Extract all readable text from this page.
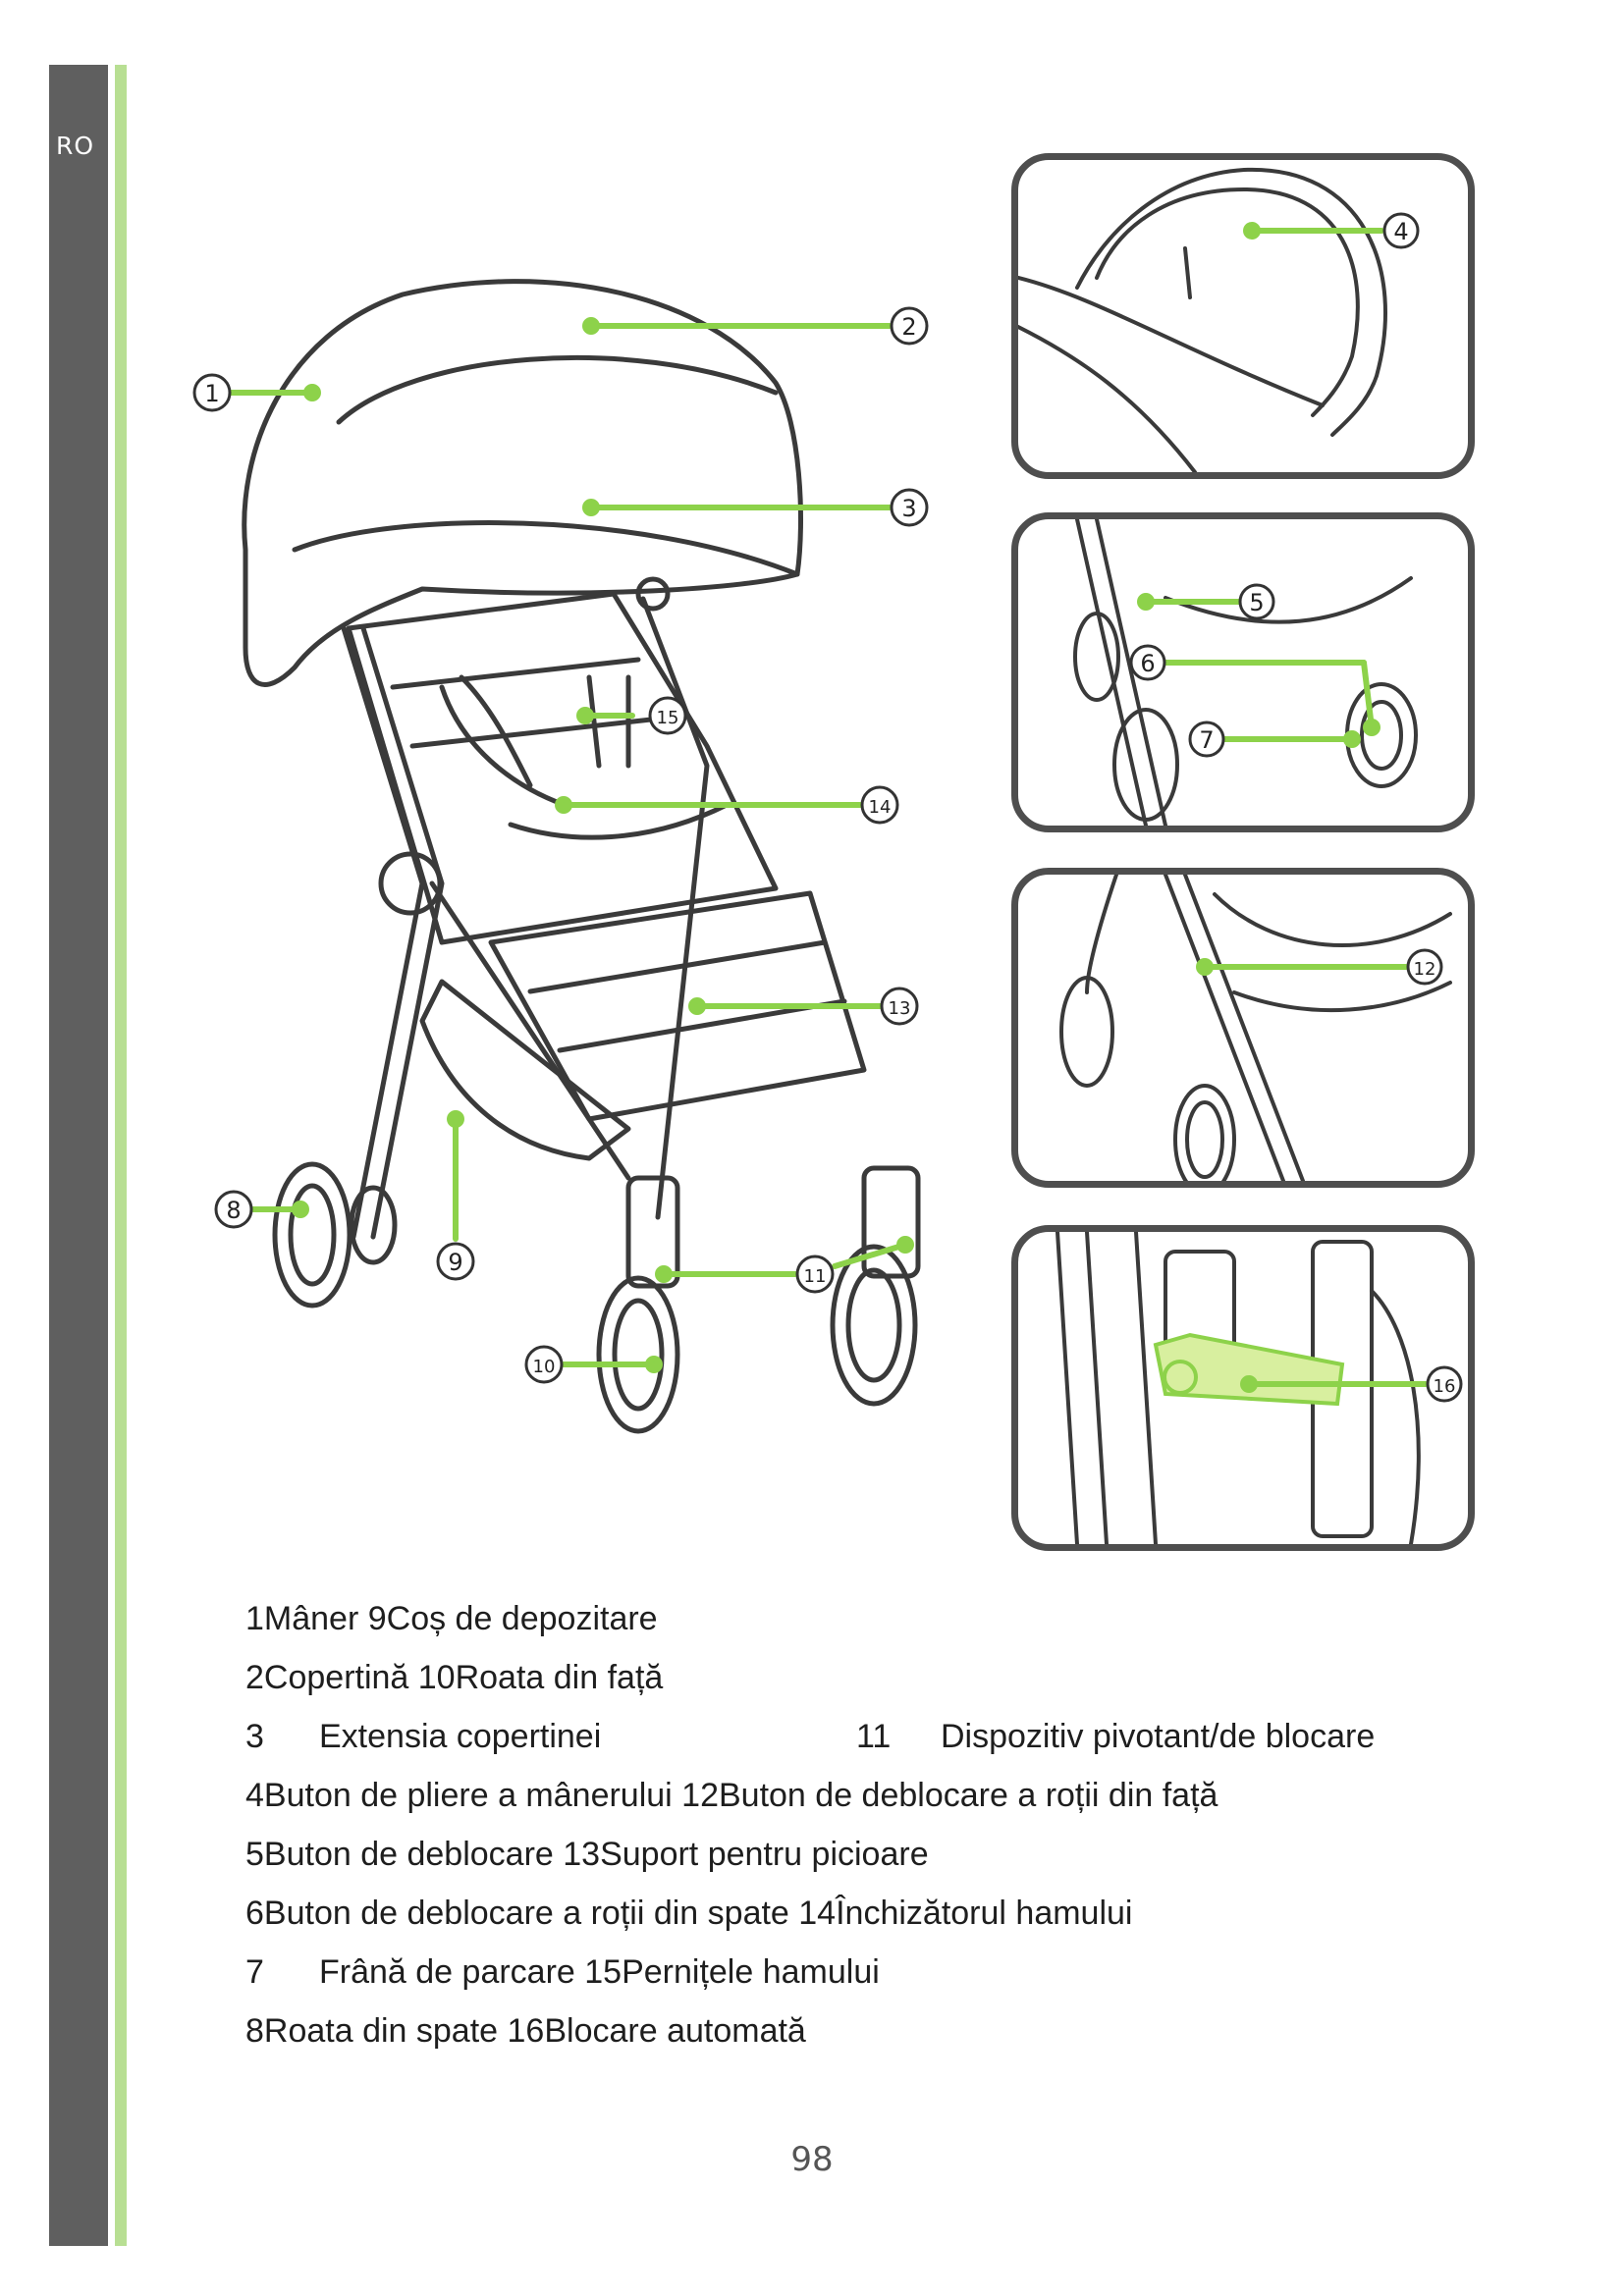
RO
1
2
3
15
14
13
9
8
10
11
4
5
6
7
12
16
1Mâner 9Coș de depozitare
2Copertină 10Roata din față
3 Extensia copertinei	11 Dispozitiv pivotant/de blocare
4Buton de pliere a mânerului 12Buton de deblocare a roții din față
5Buton de deblocare 13Suport pentru picioare
6Buton de deblocare a roții din spate 14Închizătorul hamului
7 Frână de parcare 15Pernițele hamului
8Roata din spate 16Blocare automată
98
